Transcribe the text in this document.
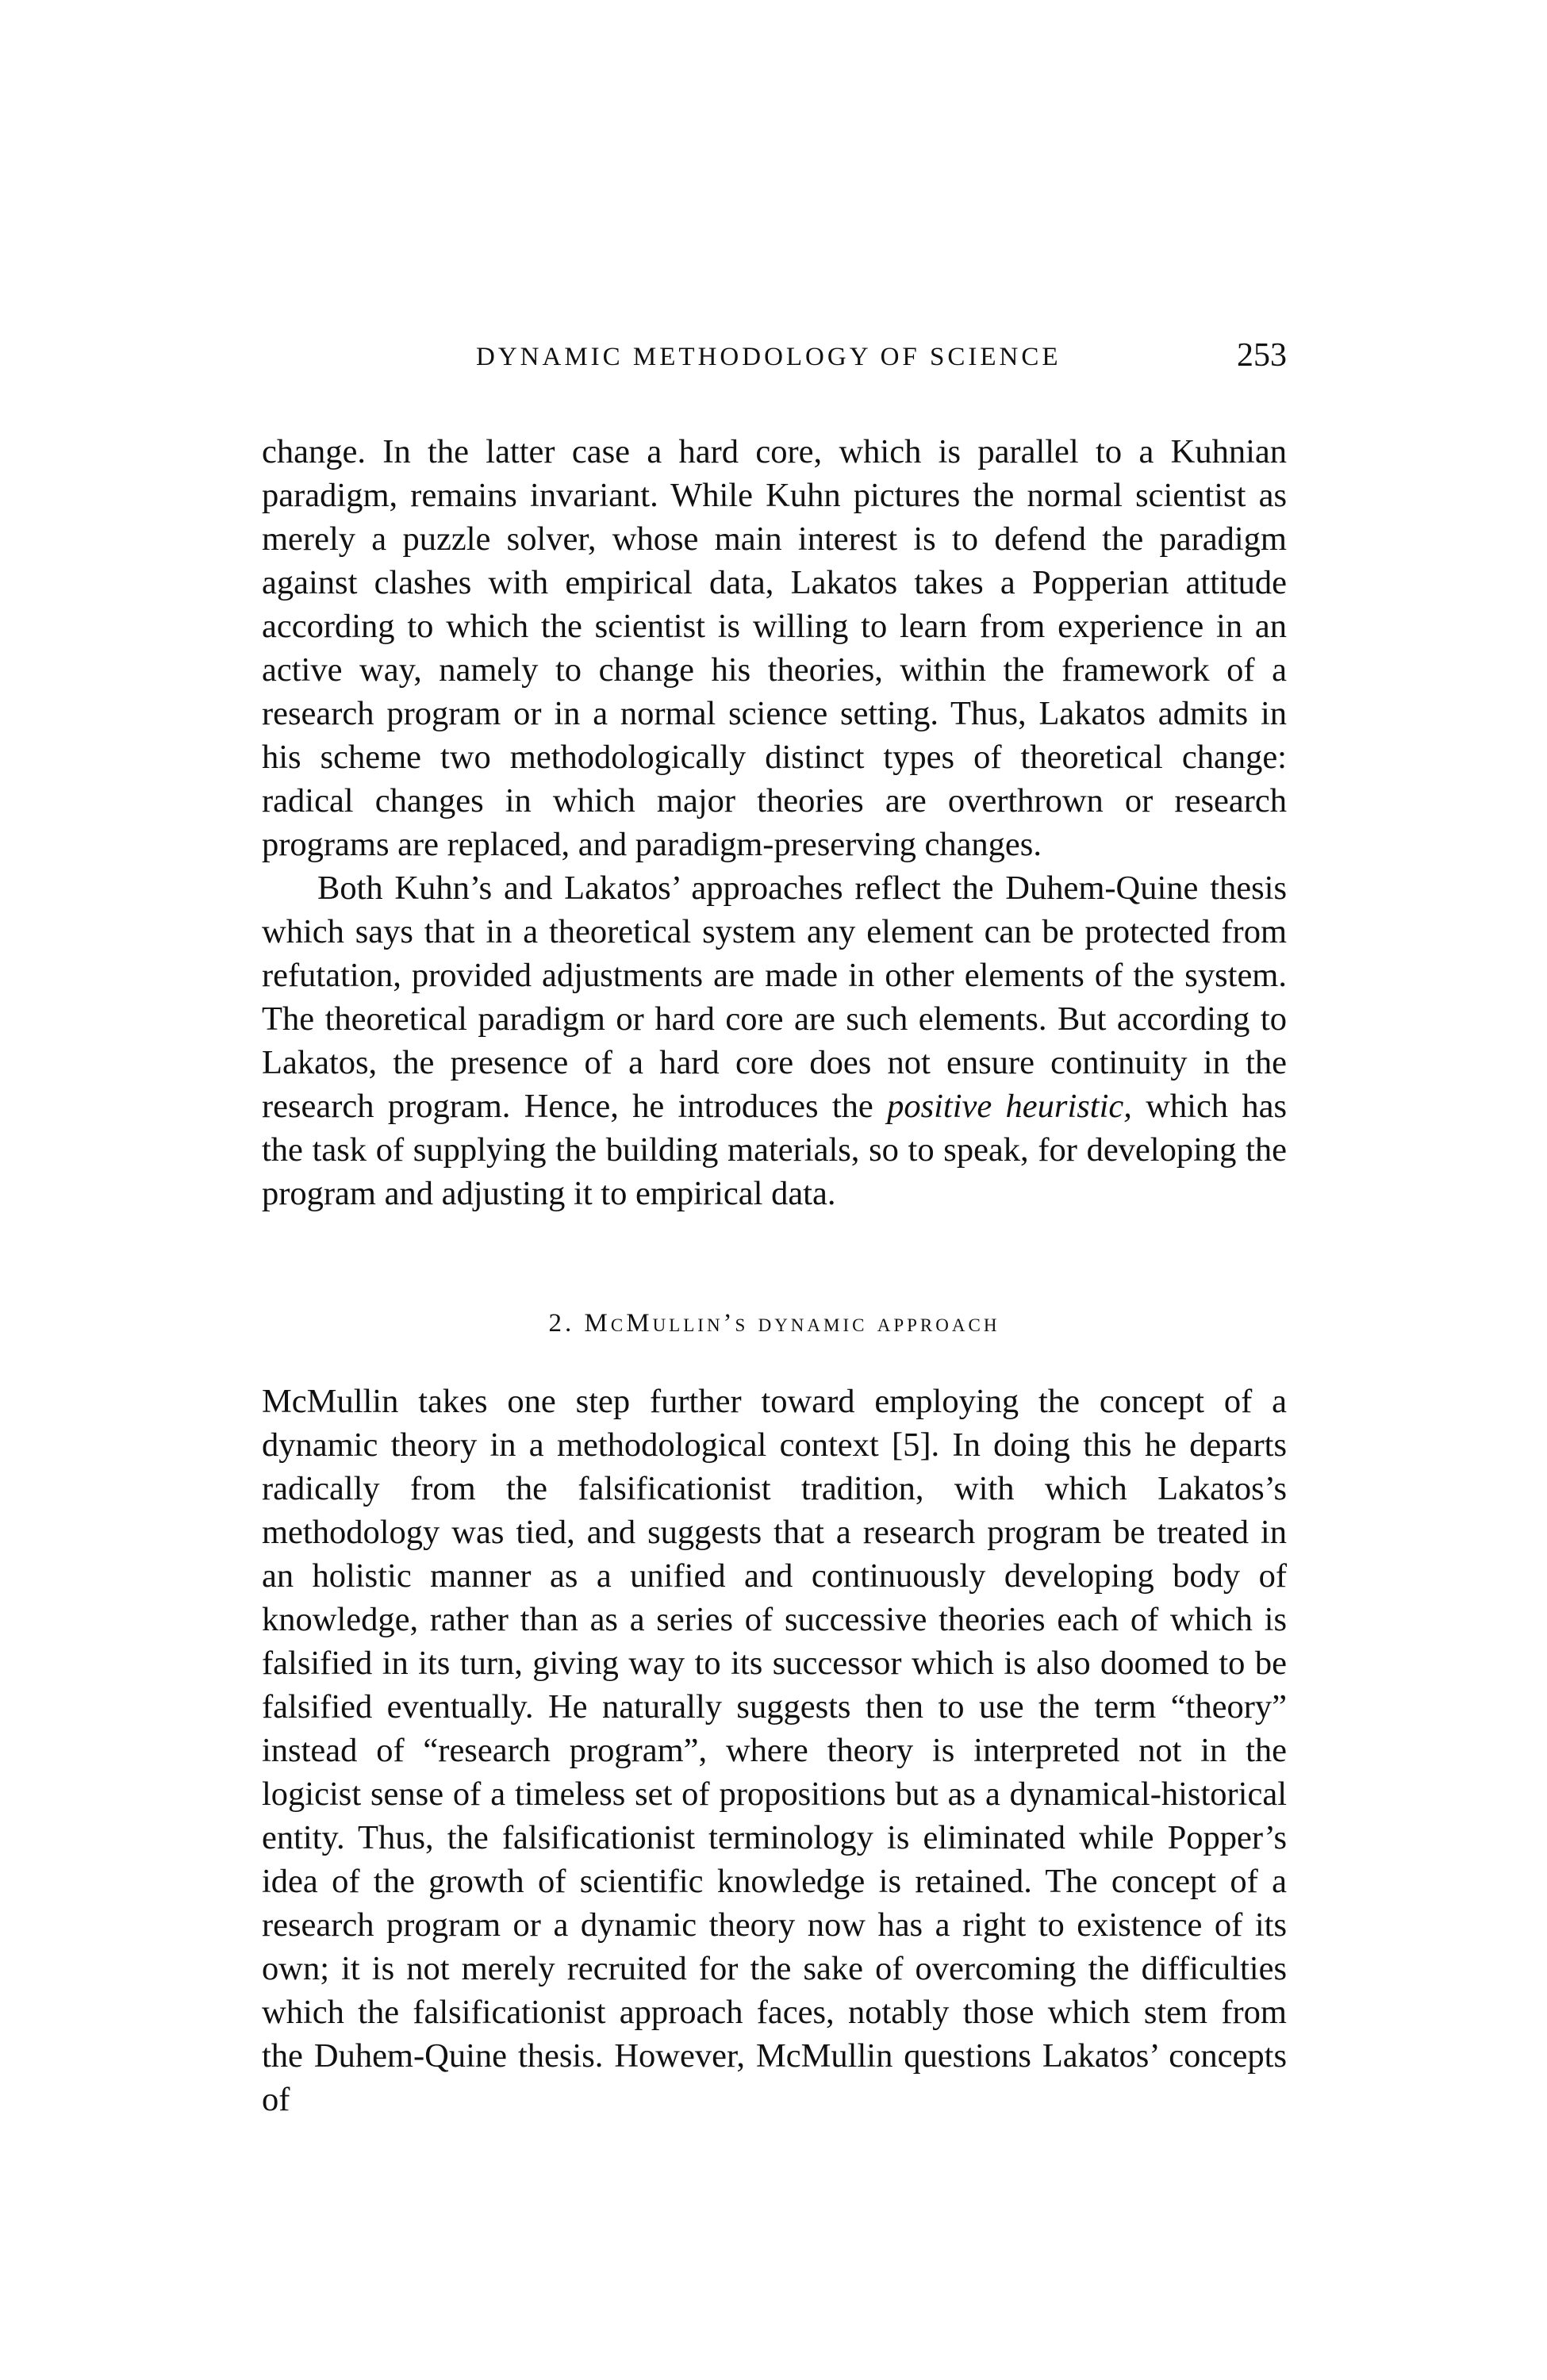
DYNAMIC METHODOLOGY OF SCIENCE	253

change. In the latter case a hard core, which is parallel to a Kuhnian paradigm, remains invariant. While Kuhn pictures the normal scientist as merely a puzzle solver, whose main interest is to defend the paradigm against clashes with empirical data, Lakatos takes a Popperian attitude according to which the scientist is willing to learn from experience in an active way, namely to change his theories, within the framework of a research program or in a normal science setting. Thus, Lakatos admits in his scheme two methodologically distinct types of theoretical change: radical changes in which major theories are overthrown or research programs are replaced, and paradigm-preserving changes.

Both Kuhn’s and Lakatos’ approaches reflect the Duhem-Quine thesis which says that in a theoretical system any element can be protected from refutation, provided adjustments are made in other elements of the system. The theoretical paradigm or hard core are such elements. But according to Lakatos, the presence of a hard core does not ensure continuity in the research program. Hence, he introduces the positive heuristic, which has the task of supplying the building materials, so to speak, for developing the program and adjusting it to empirical data.

2. McMullin’s dynamic approach

McMullin takes one step further toward employing the concept of a dynamic theory in a methodological context [5]. In doing this he departs radically from the falsificationist tradition, with which Lakatos’s methodology was tied, and suggests that a research program be treated in an holistic manner as a unified and continuously developing body of knowledge, rather than as a series of successive theories each of which is falsified in its turn, giving way to its successor which is also doomed to be falsified eventually. He naturally suggests then to use the term “theory” instead of “research program”, where theory is interpreted not in the logicist sense of a timeless set of propositions but as a dynamical-historical entity. Thus, the falsificationist terminology is eliminated while Popper’s idea of the growth of scientific knowledge is retained. The concept of a research program or a dynamic theory now has a right to existence of its own; it is not merely recruited for the sake of overcoming the difficulties which the falsificationist approach faces, notably those which stem from the Duhem-Quine thesis. However, McMullin questions Lakatos’ concepts of
